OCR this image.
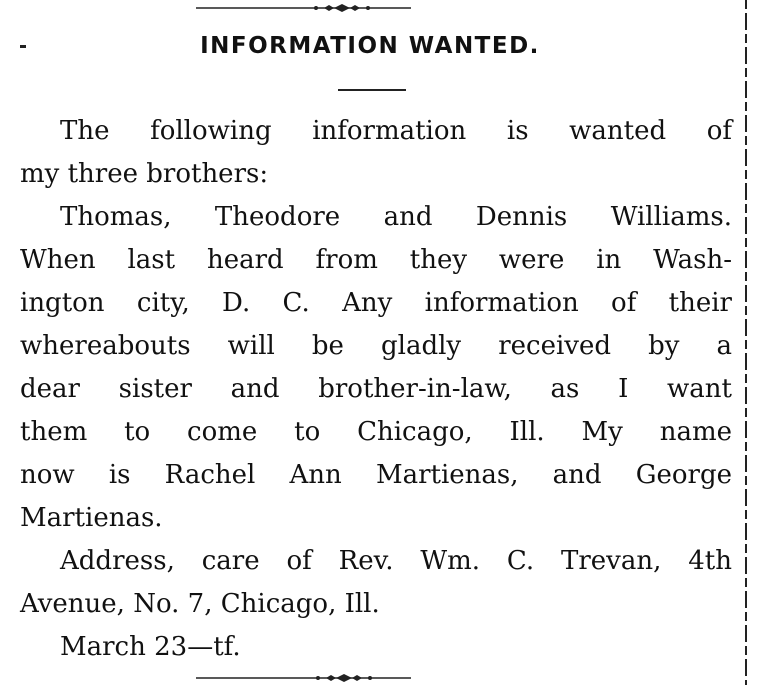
INFORMATION WANTED.
The following information is wanted of
my three brothers:
Thomas, Theodore and Dennis Williams.
When last heard from they were in Wash-
ington city, D. C. Any information of their
whereabouts will be gladly received by a
dear sister and brother-in-law, as I want
them to come to Chicago, Ill. My name
now is Rachel Ann Martienas, and George
Martienas.
Address, care of Rev. Wm. C. Trevan, 4th
Avenue, No. 7, Chicago, Ill.
March 23—tf.
